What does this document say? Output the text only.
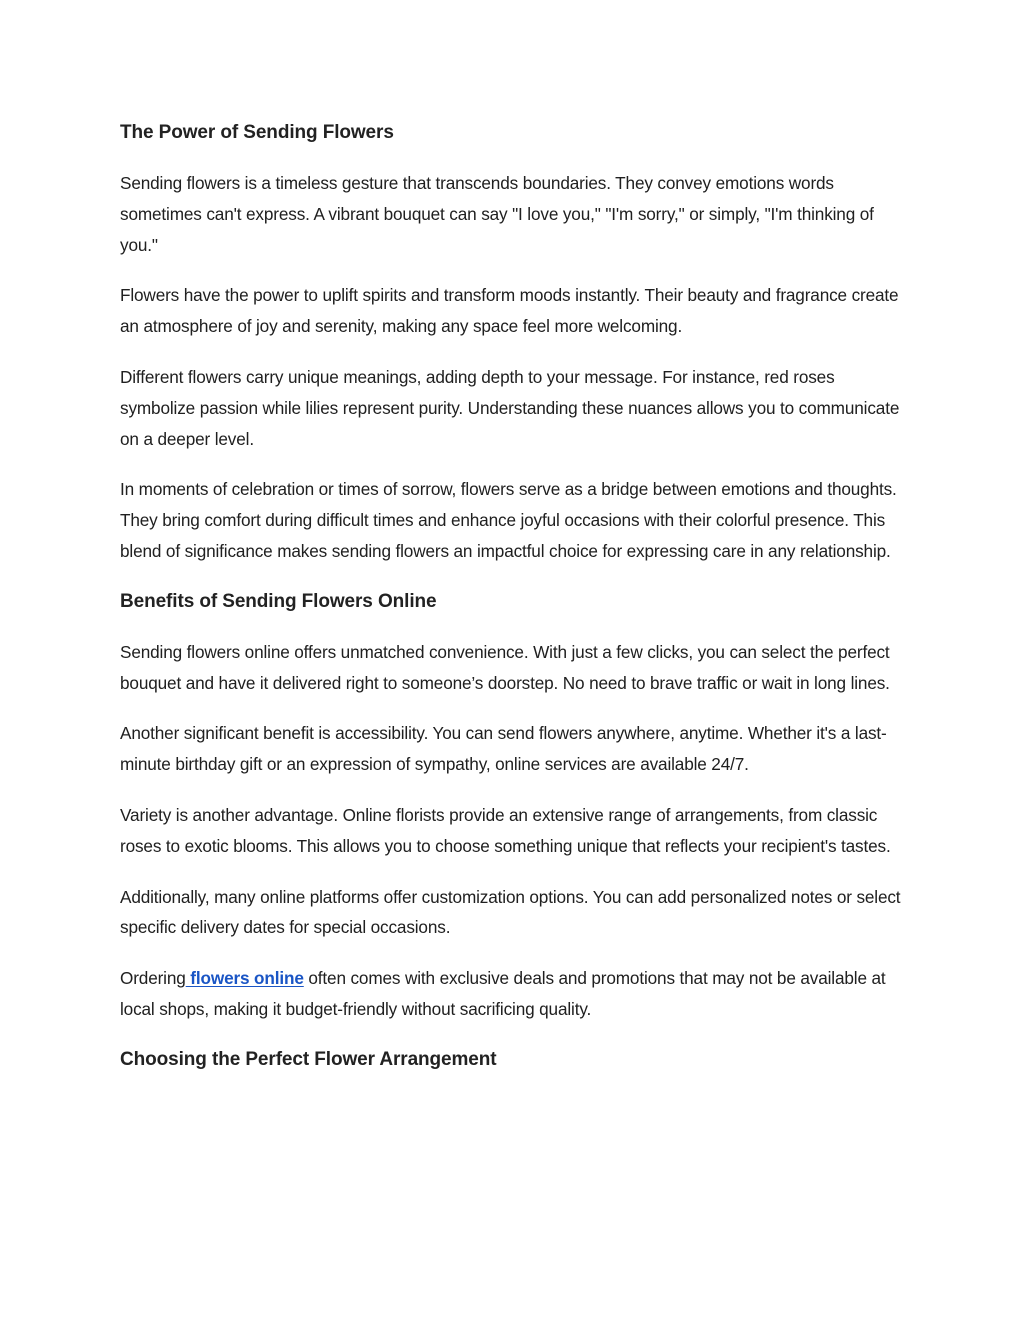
The Power of Sending Flowers

Sending flowers is a timeless gesture that transcends boundaries. They convey emotions words sometimes can't express. A vibrant bouquet can say "I love you," "I'm sorry," or simply, "I'm thinking of you."

Flowers have the power to uplift spirits and transform moods instantly. Their beauty and fragrance create an atmosphere of joy and serenity, making any space feel more welcoming.

Different flowers carry unique meanings, adding depth to your message. For instance, red roses symbolize passion while lilies represent purity. Understanding these nuances allows you to communicate on a deeper level.

In moments of celebration or times of sorrow, flowers serve as a bridge between emotions and thoughts. They bring comfort during difficult times and enhance joyful occasions with their colorful presence. This blend of significance makes sending flowers an impactful choice for expressing care in any relationship.

Benefits of Sending Flowers Online

Sending flowers online offers unmatched convenience. With just a few clicks, you can select the perfect bouquet and have it delivered right to someone’s doorstep. No need to brave traffic or wait in long lines.

Another significant benefit is accessibility. You can send flowers anywhere, anytime. Whether it's a last-minute birthday gift or an expression of sympathy, online services are available 24/7.

Variety is another advantage. Online florists provide an extensive range of arrangements, from classic roses to exotic blooms. This allows you to choose something unique that reflects your recipient's tastes.

Additionally, many online platforms offer customization options. You can add personalized notes or select specific delivery dates for special occasions.

Ordering flowers online often comes with exclusive deals and promotions that may not be available at local shops, making it budget-friendly without sacrificing quality.

Choosing the Perfect Flower Arrangement
